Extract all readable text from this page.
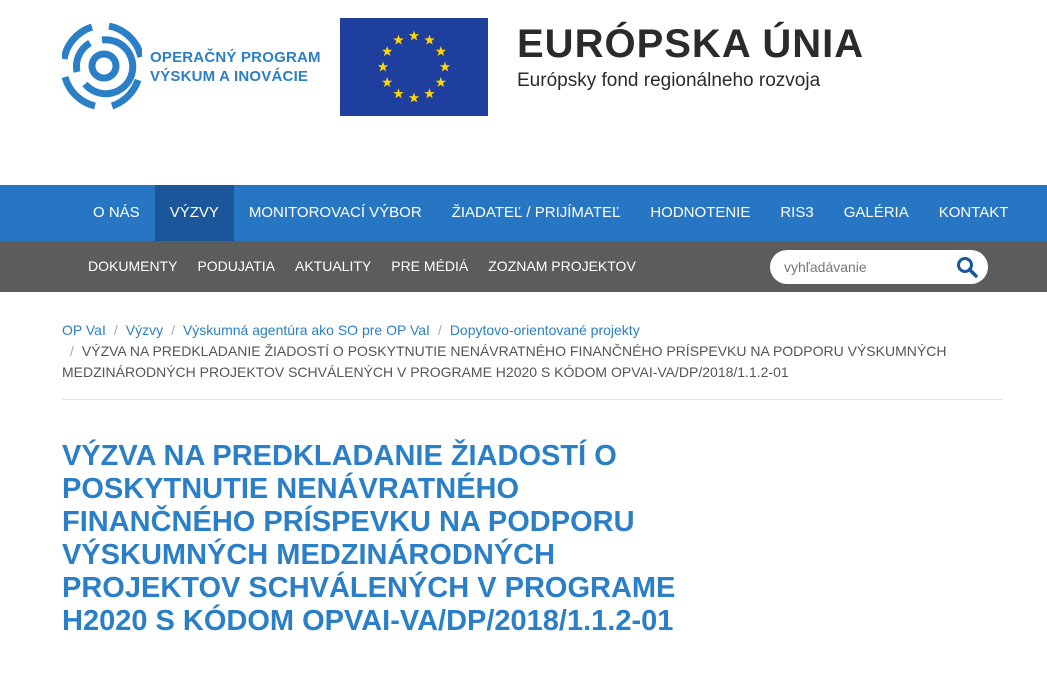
OPERAČNÝ PROGRAM
VÝSKUM A INOVÁCIE
EURÓPSKA ÚNIA
Európsky fond regionálneho rozvoja
O NÁS	VÝZVY	MONITOROVACÍ VÝBOR	ŽIADATEĽ / PRIJÍMATEĽ	HODNOTENIE	RIS3	GALÉRIA	KONTAKT
DOKUMENTY	PODUJATIA	AKTUALITY	PRE MÉDIÁ	ZOZNAM PROJEKTOV
vyhľadávanie
OP VaI / Výzvy / Výskumná agentúra ako SO pre OP VaI / Dopytovo-orientované projekty
/ VÝZVA NA PREDKLADANIE ŽIADOSTÍ O POSKYTNUTIE NENÁVRATNÉHO FINANČNÉHO PRÍSPEVKU NA PODPORU VÝSKUMNÝCH MEDZINÁRODNÝCH PROJEKTOV SCHVÁLENÝCH V PROGRAME H2020 S KÓDOM OPVAI-VA/DP/2018/1.1.2-01
VÝZVA NA PREDKLADANIE ŽIADOSTÍ O POSKYTNUTIE NENÁVRATNÉHO FINANČNÉHO PRÍSPEVKU NA PODPORU VÝSKUMNÝCH MEDZINÁRODNÝCH PROJEKTOV SCHVÁLENÝCH V PROGRAME H2020 S KÓDOM OPVAI-VA/DP/2018/1.1.2-01
